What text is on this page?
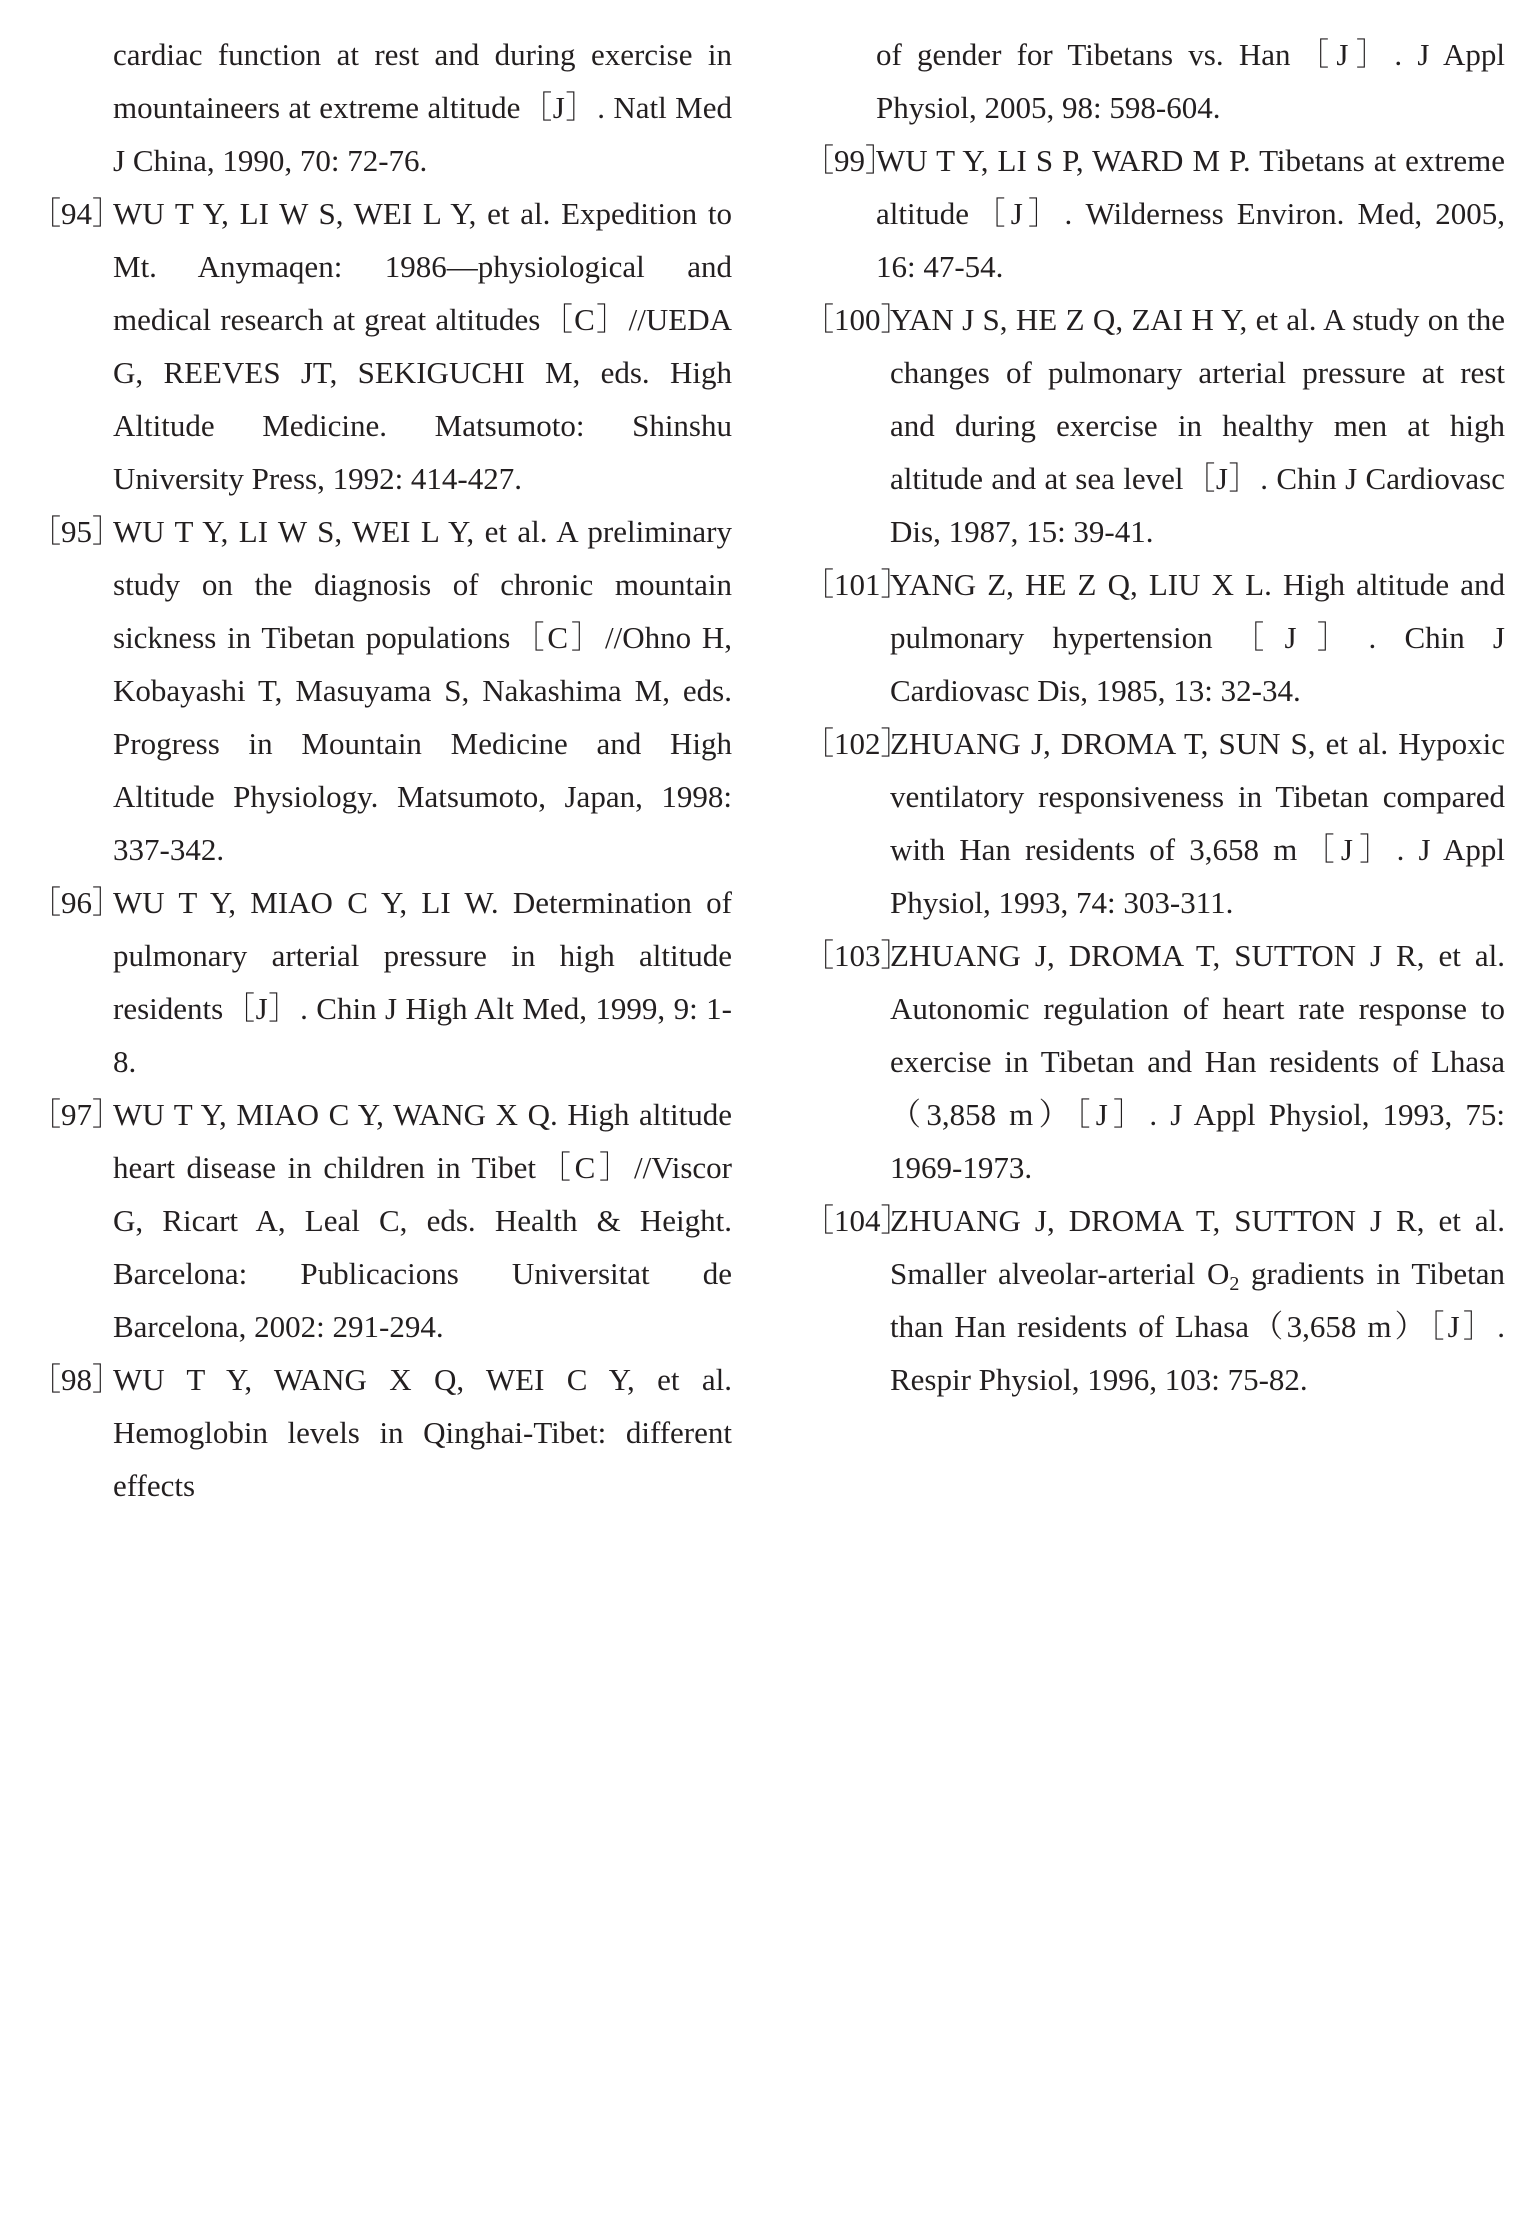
cardiac function at rest and during exercise in mountaineers at extreme altitude［J］. Natl Med J China, 1990, 70: 72-76.
［94］
WU T Y, LI W S, WEI L Y, et al. Expedition to Mt. Anymaqen: 1986—physiological and medical research at great altitudes［C］//UEDA G, REEVES JT, SEKIGUCHI M, eds. High Altitude Medicine. Matsumoto: Shinshu University Press, 1992: 414-427.
［95］
WU T Y, LI W S, WEI L Y, et al. A preliminary study on the diagnosis of chronic mountain sickness in Tibetan populations［C］//Ohno H, Kobayashi T, Masuyama S, Nakashima M, eds. Progress in Mountain Medicine and High Altitude Physiology. Matsumoto, Japan, 1998: 337-342.
［96］
WU T Y, MIAO C Y, LI W. Determination of pulmonary arterial pressure in high altitude residents［J］. Chin J High Alt Med, 1999, 9: 1-8.
［97］
WU T Y, MIAO C Y, WANG X Q. High altitude heart disease in children in Tibet［C］//Viscor G, Ricart A, Leal C, eds. Health & Height. Barcelona: Publicacions Universitat de Barcelona, 2002: 291-294.
［98］
WU T Y, WANG X Q, WEI C Y, et al. Hemoglobin levels in Qinghai-Tibet: different effects
of gender for Tibetans vs. Han［J］. J Appl Physiol, 2005, 98: 598-604.
［99］
WU T Y, LI S P, WARD M P. Tibetans at extreme altitude［J］. Wilderness Environ. Med, 2005, 16: 47-54.
［100］
YAN J S, HE Z Q, ZAI H Y, et al. A study on the changes of pulmonary arterial pressure at rest and during exercise in healthy men at high altitude and at sea level［J］. Chin J Cardiovasc Dis, 1987, 15: 39-41.
［101］
YANG Z, HE Z Q, LIU X L. High altitude and pulmonary hypertension［J］. Chin J Cardiovasc Dis, 1985, 13: 32-34.
［102］
ZHUANG J, DROMA T, SUN S, et al. Hypoxic ventilatory responsiveness in Tibetan compared with Han residents of 3,658 m［J］. J Appl Physiol, 1993, 74: 303-311.
［103］
ZHUANG J, DROMA T, SUTTON J R, et al. Autonomic regulation of heart rate response to exercise in Tibetan and Han residents of Lhasa（3,858 m）［J］. J Appl Physiol, 1993, 75: 1969-1973.
［104］
ZHUANG J, DROMA T, SUTTON J R, et al. Smaller alveolar-arterial $O_2$ gradients in Tibetan than Han residents of Lhasa（3,658 m）［J］. Respir Physiol, 1996, 103: 75-82.
